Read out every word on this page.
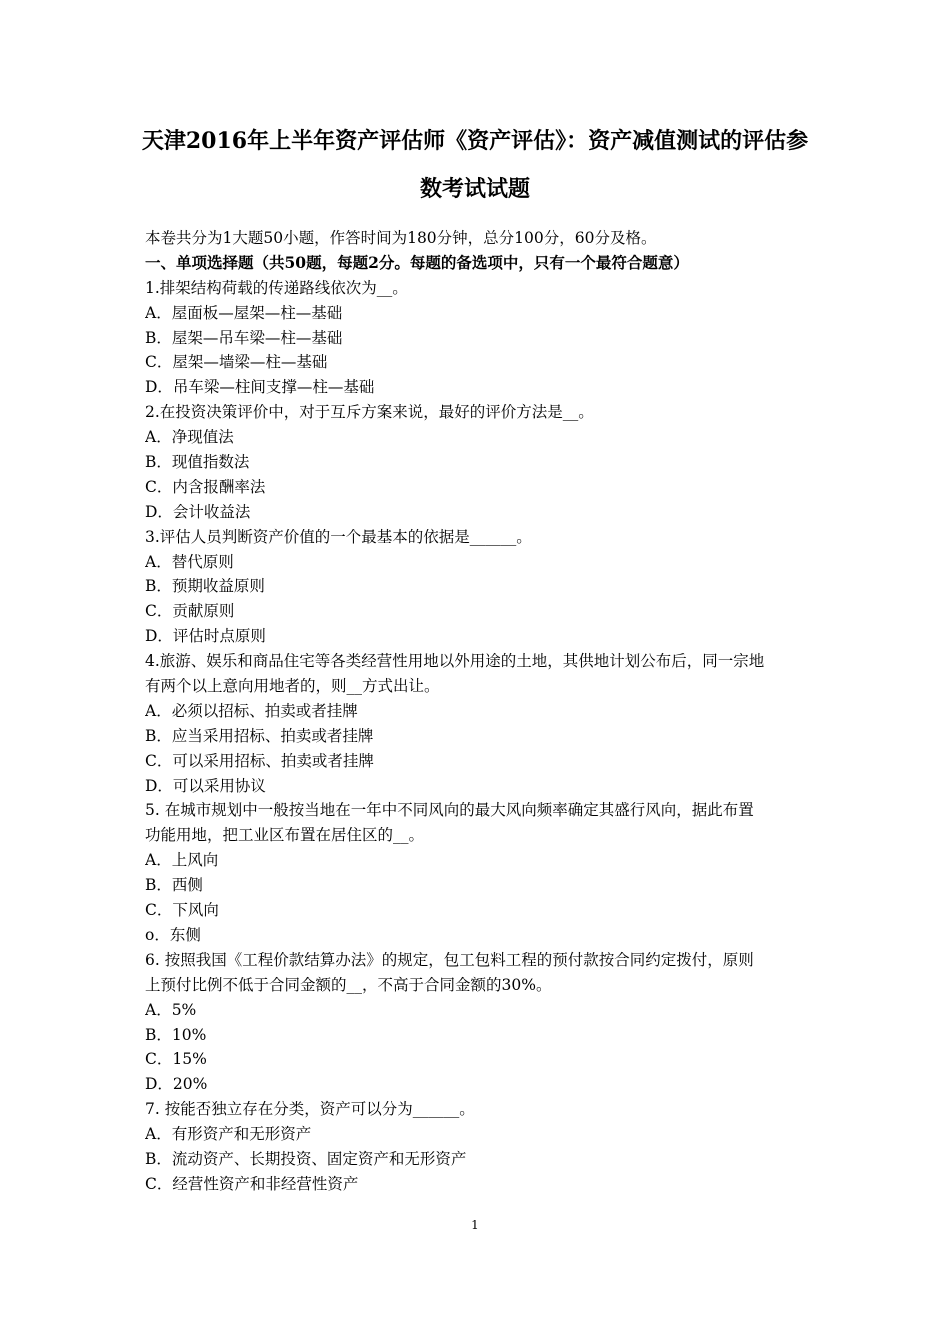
天津2016年上半年资产评估师《资产评估》：资产减值测试的评估参
数考试试题
本卷共分为1大题50小题，作答时间为180分钟，总分100分，60分及格。
一、单项选择题（共50题，每题2分。每题的备选项中，只有一个最符合题意）
1.排架结构荷载的传递路线依次为__。
A．屋面板—屋架—柱—基础
B．屋架—吊车梁—柱—基础
C．屋架—墙梁—柱—基础
D．吊车梁—柱间支撑—柱—基础
2.在投资决策评价中，对于互斥方案来说，最好的评价方法是__。
A．净现值法
B．现值指数法
C．内含报酬率法
D．会计收益法
3.评估人员判断资产价值的一个最基本的依据是______。
A．替代原则
B．预期收益原则
C．贡献原则
D．评估时点原则
4.旅游、娱乐和商品住宅等各类经营性用地以外用途的土地，其供地计划公布后，同一宗地
有两个以上意向用地者的，则__方式出让。
A．必须以招标、拍卖或者挂牌
B．应当采用招标、拍卖或者挂牌
C．可以采用招标、拍卖或者挂牌
D．可以采用协议
5. 在城市规划中一般按当地在一年中不同风向的最大风向频率确定其盛行风向，据此布置
功能用地，把工业区布置在居住区的__。
A．上风向
B．西侧
C．下风向
o．东侧
6. 按照我国《工程价款结算办法》的规定，包工包料工程的预付款按合同约定拨付，原则
上预付比例不低于合同金额的__，不高于合同金额的30%。
A．5%
B．10%
C．15%
D．20%
7. 按能否独立存在分类，资产可以分为______。
A．有形资产和无形资产
B．流动资产、长期投资、固定资产和无形资产
C．经营性资产和非经营性资产
1
